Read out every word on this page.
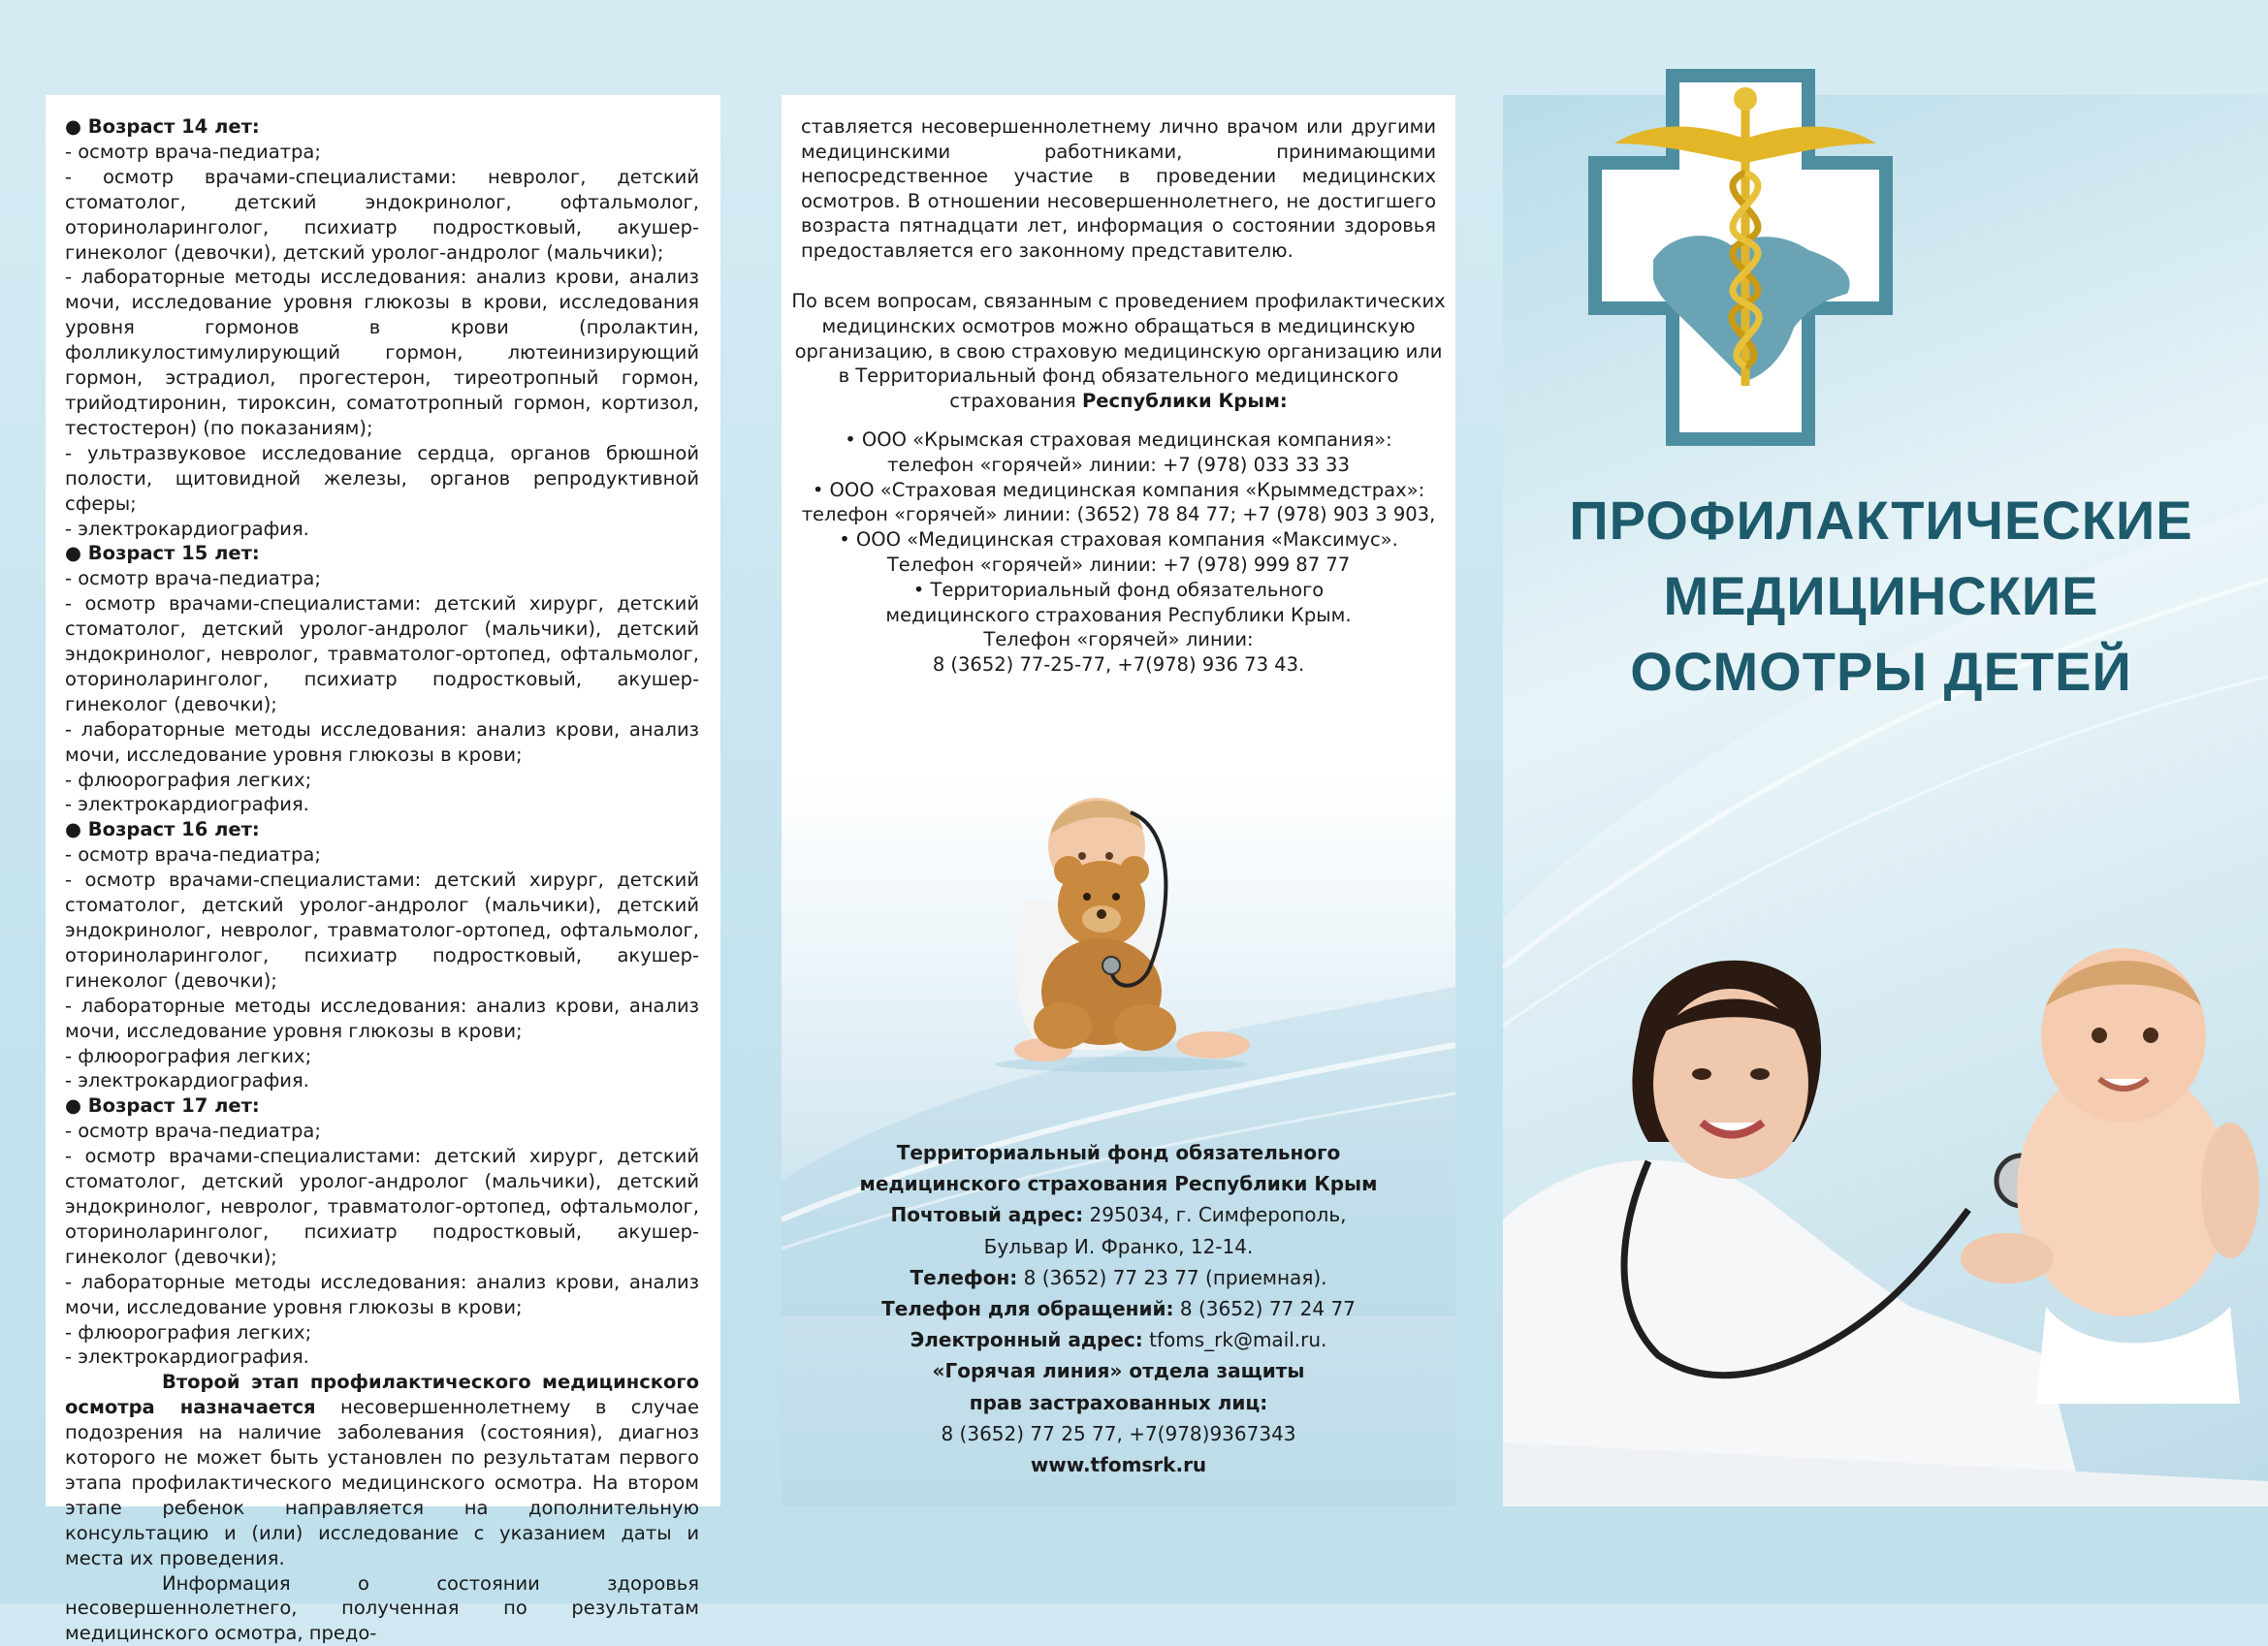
● Возраст 14 лет:

- осмотр врача-педиатра;

- осмотр врачами-специалистами: невролог, детский стоматолог, детский эндокринолог, офтальмолог, оториноларинголог, психиатр подростковый, акушер-гинеколог (девочки), детский уролог-андролог (мальчики);

- лабораторные методы исследования: анализ крови, анализ мочи, исследование уровня глюкозы в крови, исследования уровня гормонов в крови (пролактин, фолликулостимулирующий гормон, лютеинизирующий гормон, эстрадиол, прогестерон, тиреотропный гормон, трийодтиронин, тироксин, соматотропный гормон, кортизол, тестостерон) (по показаниям);

- ультразвуковое исследование сердца, органов брюшной полости, щитовидной железы, органов репродуктивной сферы;

- электрокардиография.

● Возраст 15 лет:

- осмотр врача-педиатра;

- осмотр врачами-специалистами: детский хирург, детский стоматолог, детский уролог-андролог (мальчики), детский эндокринолог, невролог, травматолог-ортопед, офтальмолог, оториноларинголог, психиатр подростковый, акушер-гинеколог (девочки);

- лабораторные методы исследования: анализ крови, анализ мочи, исследование уровня глюкозы в крови;

- флюорография легких;

- электрокардиография.

● Возраст 16 лет:

- осмотр врача-педиатра;

- осмотр врачами-специалистами: детский хирург, детский стоматолог, детский уролог-андролог (мальчики), детский эндокринолог, невролог, травматолог-ортопед, офтальмолог, оториноларинголог, психиатр подростковый, акушер-гинеколог (девочки);

- лабораторные методы исследования: анализ крови, анализ мочи, исследование уровня глюкозы в крови;

- флюорография легких;

- электрокардиография.

● Возраст 17 лет:

- осмотр врача-педиатра;

- осмотр врачами-специалистами: детский хирург, детский стоматолог, детский уролог-андролог (мальчики), детский эндокринолог, невролог, травматолог-ортопед, офтальмолог, оториноларинголог, психиатр подростковый, акушер-гинеколог (девочки);

- лабораторные методы исследования: анализ крови, анализ мочи, исследование уровня глюкозы в крови;

- флюорография легких;

- электрокардиография.

Второй этап профилактического медицинского осмотра назначается несовершеннолетнему в случае подозрения на наличие заболевания (состояния), диагноз которого не может быть установлен по результатам первого этапа профилактического медицинского осмотра. На втором этапе ребенок направляется на дополнительную консультацию и (или) исследование с указанием даты и места их проведения.

Информация о состоянии здоровья несовершеннолетнего, полученная по результатам медицинского осмотра, предо-

ставляется несовершеннолетнему лично врачом или другими медицинскими работниками, принимающими непосредственное участие в проведении медицинских осмотров. В отношении несовершеннолетнего, не достигшего возраста пятнадцати лет, информация о состоянии здоровья предоставляется его законному представителю.

По всем вопросам, связанным с проведением профилактических медицинских осмотров можно обращаться в медицинскую организацию, в свою страховую медицинскую организацию или в Территориальный фонд обязательного медицинского страхования Республики Крым:

• ООО «Крымская страховая медицинская компания»:

телефон «горячей» линии: +7 (978) 033 33 33

• ООО «Страховая медицинская компания «Крыммедстрах»:

телефон «горячей» линии: (3652) 78 84 77; +7 (978) 903 3 903,

• ООО «Медицинская страховая компания «Максимус».

Телефон «горячей» линии: +7 (978) 999 87 77

• Территориальный фонд обязательного

медицинского страхования Республики Крым.

Телефон «горячей» линии:

8 (3652) 77-25-77, +7(978) 936 73 43.

Территориальный фонд обязательного

медицинского страхования Республики Крым

Почтовый адрес: 295034, г. Симферополь,

Бульвар И. Франко, 12-14.

Телефон: 8 (3652) 77 23 77 (приемная).

Телефон для обращений: 8 (3652) 77 24 77

Электронный адрес: tfoms_rk@mail.ru.

«Горячая линия» отдела защиты

прав застрахованных лиц:

8 (3652) 77 25 77, +7(978)9367343

www.tfomsrk.ru

ПРОФИЛАКТИЧЕСКИЕ
МЕДИЦИНСКИЕ
ОСМОТРЫ ДЕТЕЙ
